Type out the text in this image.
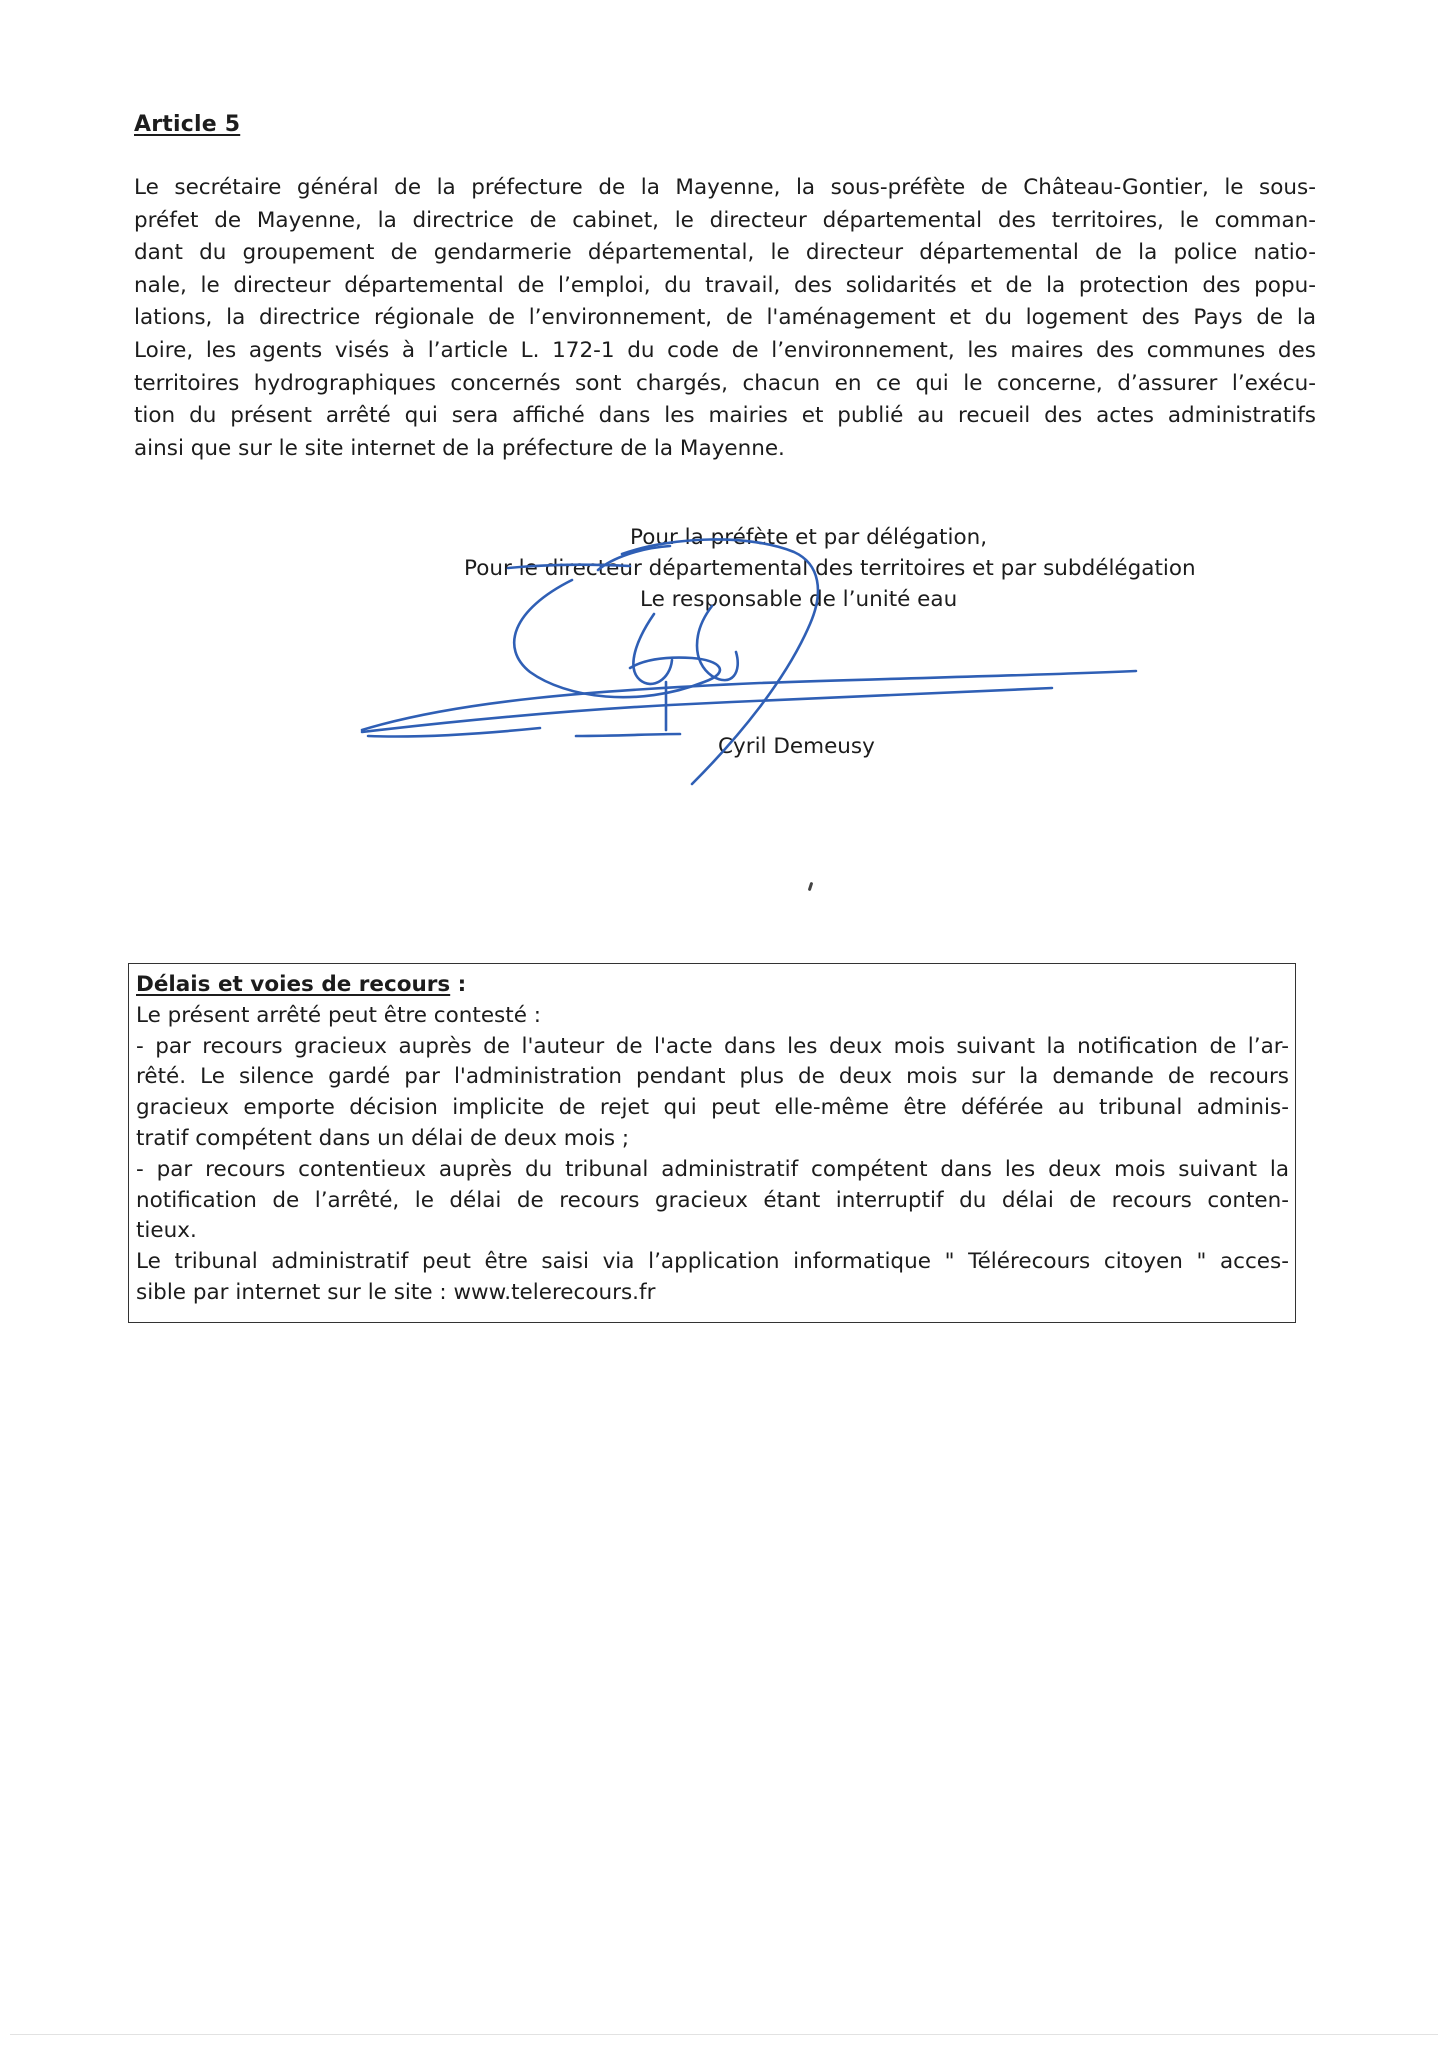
Article 5
Le secrétaire général de la préfecture de la Mayenne, la sous-préfète de Château-Gontier, le sous-
préfet de Mayenne, la directrice de cabinet, le directeur départemental des territoires, le comman-
dant du groupement de gendarmerie départemental, le directeur départemental de la police natio-
nale, le directeur départemental de l’emploi, du travail, des solidarités et de la protection des popu-
lations, la directrice régionale de l’environnement, de l'aménagement et du logement des Pays de la
Loire, les agents visés à l’article L. 172-1 du code de l’environnement, les maires des communes des
territoires hydrographiques concernés sont chargés, chacun en ce qui le concerne, d’assurer l’exécu-
tion du présent arrêté qui sera affiché dans les mairies et publié au recueil des actes administratifs
ainsi que sur le site internet de la préfecture de la Mayenne.
Pour la préfète et par délégation,
Pour le directeur départemental des territoires et par subdélégation
Le responsable de l’unité eau
Cyril Demeusy
Délais et voies de recours :
Le présent arrêté peut être contesté :
- par recours gracieux auprès de l'auteur de l'acte dans les deux mois suivant la notification de l’ar-
rêté. Le silence gardé par l'administration pendant plus de deux mois sur la demande de recours
gracieux emporte décision implicite de rejet qui peut elle-même être déférée au tribunal adminis-
tratif compétent dans un délai de deux mois ;
- par recours contentieux auprès du tribunal administratif compétent dans les deux mois suivant la
notification de l’arrêté, le délai de recours gracieux étant interruptif du délai de recours conten-
tieux.
Le tribunal administratif peut être saisi via l’application informatique " Télérecours citoyen " acces-
sible par internet sur le site : www.telerecours.fr
